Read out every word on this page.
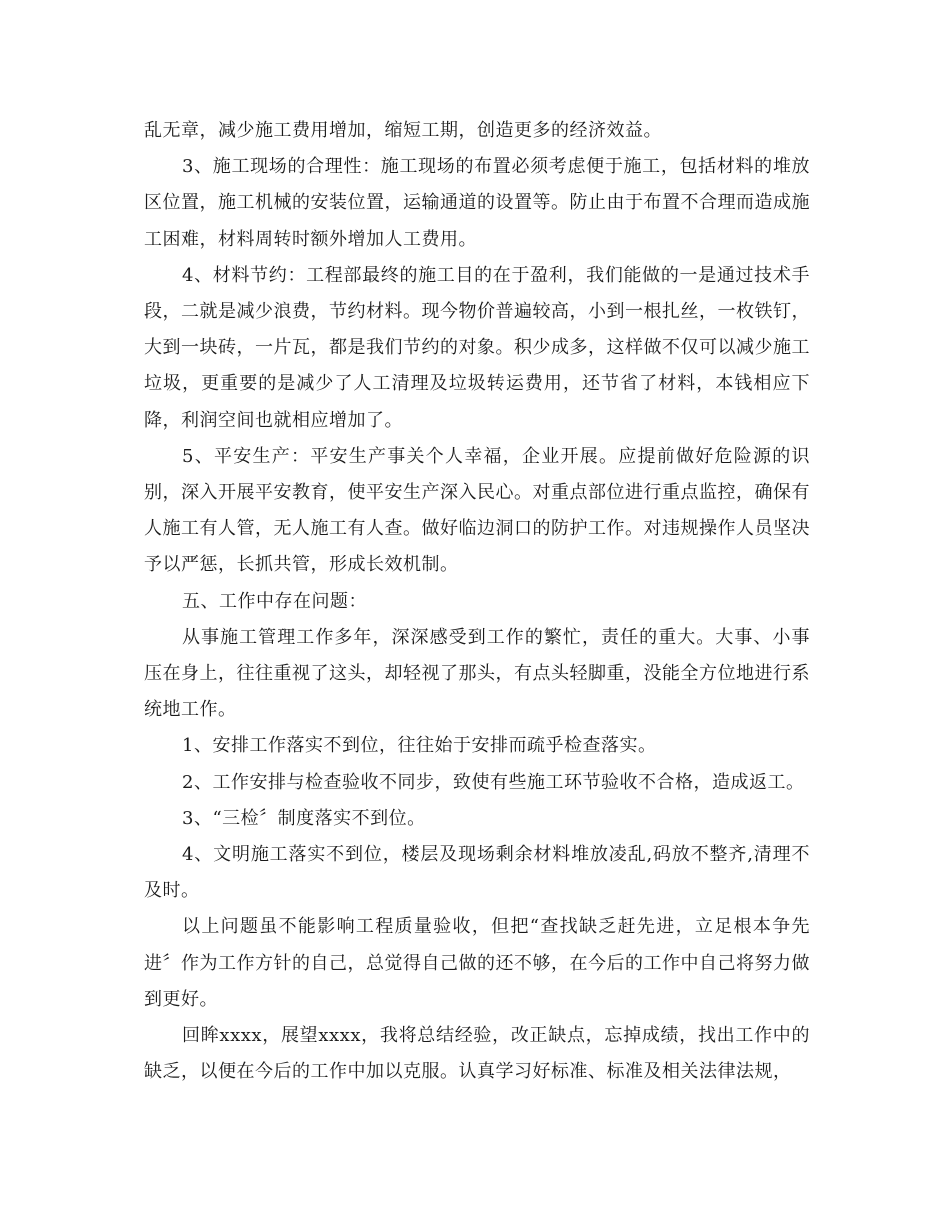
乱无章，减少施工费用增加，缩短工期，创造更多的经济效益。

3、施工现场的合理性：施工现场的布置必须考虑便于施工，包括材料的堆放区位置，施工机械的安装位置，运输通道的设置等。防止由于布置不合理而造成施工困难，材料周转时额外增加人工费用。

4、材料节约：工程部最终的施工目的在于盈利，我们能做的一是通过技术手段，二就是减少浪费，节约材料。现今物价普遍较高，小到一根扎丝，一枚铁钉，大到一块砖，一片瓦，都是我们节约的对象。积少成多，这样做不仅可以减少施工垃圾，更重要的是减少了人工清理及垃圾转运费用，还节省了材料，本钱相应下降，利润空间也就相应增加了。

5、平安生产：平安生产事关个人幸福，企业开展。应提前做好危险源的识别，深入开展平安教育，使平安生产深入民心。对重点部位进行重点监控，确保有人施工有人管，无人施工有人查。做好临边洞口的防护工作。对违规操作人员坚决予以严惩，长抓共管，形成长效机制。

五、工作中存在问题：

从事施工管理工作多年，深深感受到工作的繁忙，责任的重大。大事、小事压在身上，往往重视了这头，却轻视了那头，有点头轻脚重，没能全方位地进行系统地工作。

1、安排工作落实不到位，往往始于安排而疏乎检查落实。

2、工作安排与检查验收不同步，致使有些施工环节验收不合格，造成返工。

3、“三检〞制度落实不到位。

4、文明施工落实不到位，楼层及现场剩余材料堆放凌乱,码放不整齐,清理不及时。

以上问题虽不能影响工程质量验收，但把“查找缺乏赶先进，立足根本争先进〞作为工作方针的自己，总觉得自己做的还不够，在今后的工作中自己将努力做到更好。

回眸xxxx，展望xxxx，我将总结经验，改正缺点，忘掉成绩，找出工作中的缺乏，以便在今后的工作中加以克服。认真学习好标准、标准及相关法律法规，
